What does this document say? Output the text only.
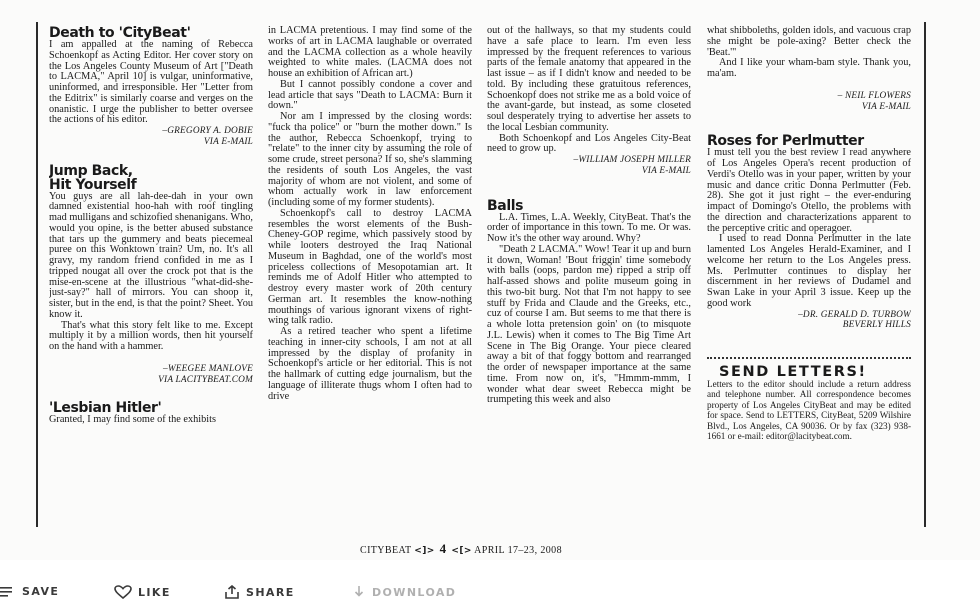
Death to 'CityBeat'

I am appalled at the naming of Rebecca Schoenkopf as Acting Editor. Her cover story on the Los Angeles County Museum of Art ["Death to LACMA," April 10] is vulgar, uninformative, uninformed, and irresponsible. Her "Letter from the Editrix" is similarly coarse and verges on the onanistic. I urge the publisher to better oversee the actions of his editor.

–GREGORY A. DOBIE
VIA E-MAIL
Jump Back, Hit Yourself

You guys are all lah-dee-dah in your own damned existential hoo-hah with roof tingling mad mulligans and schizofied shenanigans. Who, would you opine, is the better abused substance that tars up the gummery and beats piecemeal puree on this Wonktown train? Um, no. It's all gravy, my random friend confided in me as I tripped nougat all over the crock pot that is the mise-en-scene at the illustrious "what-did-she-just-say?" hall of mirrors. You can shoop it, sister, but in the end, is that the point? Sheet. You know it.

That's what this story felt like to me. Except multiply it by a million words, then hit yourself on the hand with a hammer.

–WEEGEE MANLOVE
VIA LACITYBEAT.COM
'Lesbian Hitler'

Granted, I may find some of the exhibits

in LACMA pretentious. I may find some of the works of art in LACMA laughable or overrated and the LACMA collection as a whole heavily weighted to white males. (LACMA does not house an exhibition of African art.)

But I cannot possibly condone a cover and lead article that says "Death to LACMA: Burn it down."

Nor am I impressed by the closing words: "fuck tha police" or "burn the mother down." Is the author, Rebecca Schoenkopf, trying to "relate" to the inner city by assuming the role of some crude, street persona? If so, she's slamming the residents of south Los Angeles, the vast majority of whom are not violent, and some of whom actually work in law enforcement (including some of my former students).

Schoenkopf's call to destroy LACMA resembles the worst elements of the Bush-Cheney-GOP regime, which passively stood by while looters destroyed the Iraq National Museum in Baghdad, one of the world's most priceless collections of Mesopotamian art. It reminds me of Adolf Hitler who attempted to destroy every master work of 20th century German art. It resembles the know-nothing mouthings of various ignorant vixens of right-wing talk radio.

As a retired teacher who spent a lifetime teaching in inner-city schools, I am not at all impressed by the display of profanity in Schoenkopf's article or her editorial. This is not the hallmark of cutting edge journalism, but the language of illiterate thugs whom I often had to drive

out of the hallways, so that my students could have a safe place to learn. I'm even less impressed by the frequent references to various parts of the female anatomy that appeared in the last issue – as if I didn't know and needed to be told. By including these gratuitous references, Schoenkopf does not strike me as a bold voice of the avant-garde, but instead, as some closeted soul desperately trying to advertise her assets to the local Lesbian community.

Both Schoenkopf and Los Angeles City-Beat need to grow up.

–WILLIAM JOSEPH MILLER
VIA E-MAIL
Balls

L.A. Times, L.A. Weekly, CityBeat. That's the order of importance in this town. To me. Or was. Now it's the other way around. Why?

"Death 2 LACMA." Wow! Tear it up and burn it down, Woman! 'Bout friggin' time somebody with balls (oops, pardon me) ripped a strip off half-assed shows and polite museum going in this two-bit burg. Not that I'm not happy to see stuff by Frida and Claude and the Greeks, etc., cuz of course I am. But seems to me that there is a whole lotta pretension goin' on (to misquote J.L. Lewis) when it comes to The Big Time Art Scene in The Big Orange. Your piece cleared away a bit of that foggy bottom and rearranged the order of newspaper importance at the same time. From now on, it's, "Hmmm-mmm, I wonder what dear sweet Rebecca might be trumpeting this week and also

what shibboleths, golden idols, and vacuous crap she might be pole-axing? Better check the 'Beat.'"

And I like your wham-bam style. Thank you, ma'am.

– NEIL FLOWERS
VIA E-MAIL
Roses for Perlmutter

I must tell you the best review I read anywhere of Los Angeles Opera's recent production of Verdi's Otello was in your paper, written by your music and dance critic Donna Perlmutter (Feb. 28). She got it just right – the ever-enduring impact of Domingo's Otello, the problems with the direction and characterizations apparent to the perceptive critic and operagoer.

I used to read Donna Perlmutter in the late lamented Los Angeles Herald-Examiner, and I welcome her return to the Los Angeles press. Ms. Perlmutter continues to display her discernment in her reviews of Dudamel and Swan Lake in your April 3 issue. Keep up the good work

–DR. GERALD D. TURBOW
BEVERLY HILLS
SEND LETTERS!
Letters to the editor should include a return address and telephone number. All correspondence becomes property of Los Angeles CityBeat and may be edited for space. Send to LETTERS, CityBeat, 5209 Wilshire Blvd., Los Angeles, CA 90036. Or by fax (323) 938-1661 or e-mail: editor@lacitybeat.com.
CITYBEAT <]> 4 <[> APRIL 17–23, 2008
SAVE	LIKE	SHARE	DOWNLOAD
